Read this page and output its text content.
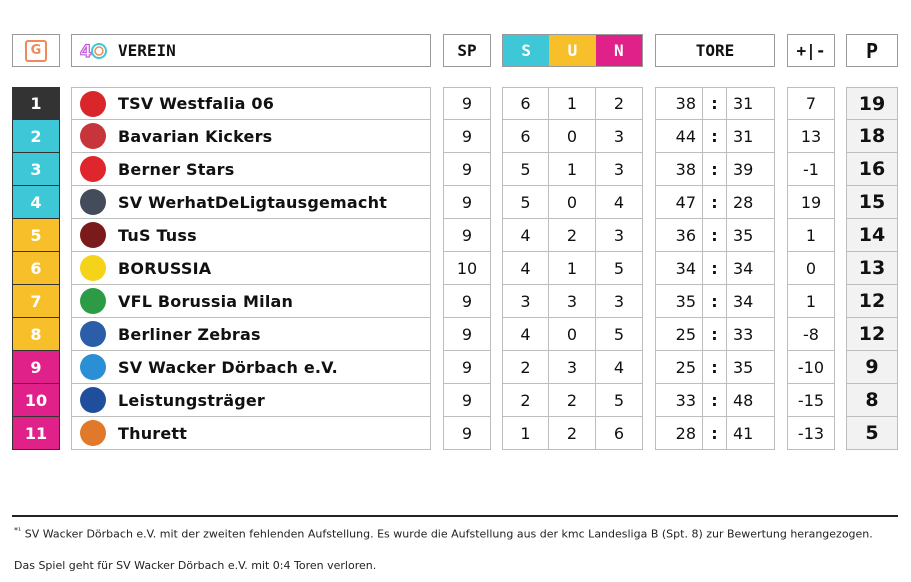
G	4 VEREIN	SP	S	U	N	TORE	+|- P
1	TSV Westfalia 06	9	6	1	2	38 : 31	7	19
2	Bavarian Kickers	9	6	0	3	44 : 31	13	18
3	Berner Stars	9	5	1	3	38 : 39	-1	16
4	SV WerhatDeLigtausgemacht	9	5	0	4	47 : 28	19	15
5	TuS Tuss	9	4	2	3	36 : 35	1	14
6	BORUSSIA	10	4	1	5	34 : 34	0	13
7	VFL Borussia Milan	9	3	3	3	35 : 34	1	12
8	Berliner Zebras	9	4	0	5	25 : 33	-8	12
9	SV Wacker Dörbach e.V.	9	2	3	4	25 : 35	-10	9
10	Leistungsträger	9	2	2	5	33 : 48	-15	8
11	Thurett	9	1	2	6	28 : 41	-13	5
$^{*^1}$ SV Wacker Dörbach e.V. mit der zweiten fehlenden Aufstellung. Es wurde die Aufstellung aus der kmc Landesliga B (Spt. 8) zur Bewertung herangezogen.
Das Spiel geht für SV Wacker Dörbach e.V. mit 0:4 Toren verloren.
